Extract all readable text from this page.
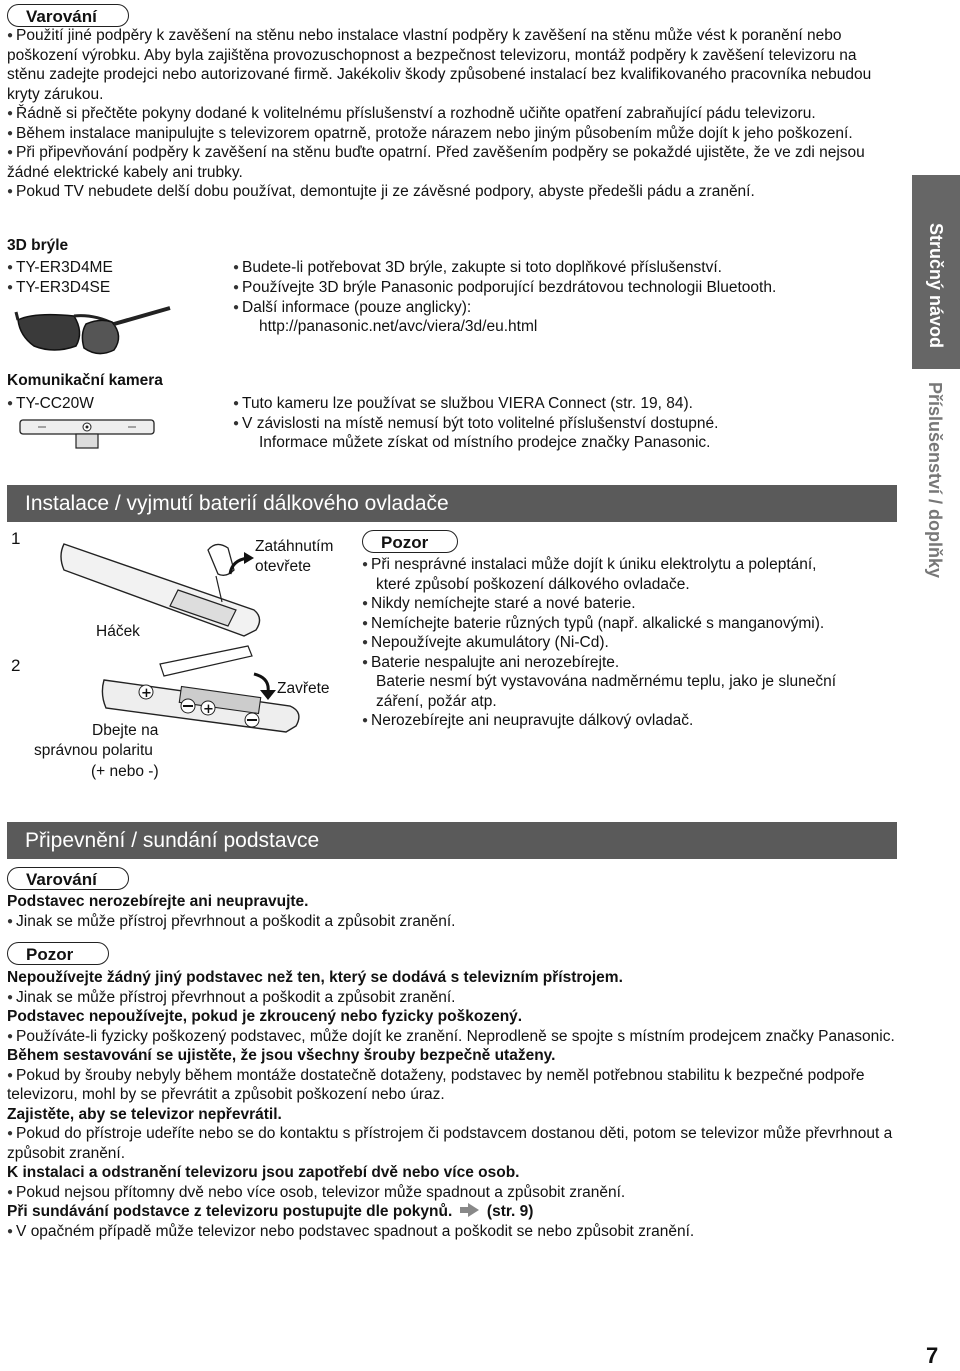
Varování

● Použití jiné podpěry k zavěšení na stěnu nebo instalace vlastní podpěry k zavěšení na stěnu může vést k poranění nebo poškození výrobku. Aby byla zajištěna provozuschopnost a bezpečnost televizoru, montáž podpěry k zavěšení televizoru na stěnu zadejte prodejci nebo autorizované firmě. Jakékoliv škody způsobené instalací bez kvalifikovaného pracovníka nebudou kryty zárukou.

● Řádně si přečtěte pokyny dodané k volitelnému příslušenství a rozhodně učiňte opatření zabraňující pádu televizoru.

● Během instalace manipulujte s televizorem opatrně, protože nárazem nebo jiným působením může dojít k jeho poškození.

● Při připevňování podpěry k zavěšení na stěnu buďte opatrní. Před zavěšením podpěry se pokaždé ujistěte, že ve zdi nejsou žádné elektrické kabely ani trubky.

● Pokud TV nebudete delší dobu používat, demontujte ji ze závěsné podpory, abyste předešli pádu a zranění.

3D brýle
● TY-ER3D4ME
● TY-ER3D4SE
● Budete-li potřebovat 3D brýle, zakupte si toto doplňkové příslušenství.
● Používejte 3D brýle Panasonic podporující bezdrátovou technologii Bluetooth.
● Další informace (pouze anglicky):
http://panasonic.net/avc/viera/3d/eu.html
Komunikační kamera
● TY-CC20W
●	Tuto kameru lze používat se službou VIERA Connect (str. 19, 84).
● V závislosti na místě nemusí být toto volitelné příslušenství dostupné.
Informace můžete získat od místního prodejce značky Panasonic.
Instalace / vyjmutí baterií dálkového ovladače
1
2
Zatáhnutím
otevřete
Háček
+
+
Zavřete
Dbejte na
správnou polaritu
(+ nebo -)
Pozor
● Při nesprávné instalaci může dojít k úniku elektrolytu a poleptání,
které způsobí poškození dálkového ovladače.
● Nikdy nemíchejte staré a nové baterie.
● Nemíchejte baterie různých typů (např. alkalické s manganovými).
● Nepoužívejte akumulátory (Ni-Cd).
● Baterie nespalujte ani nerozebírejte.
Baterie nesmí být vystavována nadměrnému teplu, jako je sluneční
záření, požár atp.
● Nerozebírejte ani neupravujte dálkový ovladač.
Připevnění / sundání podstavce
Varování

Podstavec nerozebírejte ani neupravujte.

● Jinak se může přístroj převrhnout a poškodit a způsobit zranění.

Pozor

Nepoužívejte žádný jiný podstavec než ten, který se dodává s televizním přístrojem.

● Jinak se může přístroj převrhnout a poškodit a způsobit zranění.

Podstavec nepoužívejte, pokud je zkroucený nebo fyzicky poškozený.

● Používáte-li fyzicky poškozený podstavec, může dojít ke zranění. Neprodleně se spojte s místním prodejcem značky Panasonic.

Během sestavování se ujistěte, že jsou všechny šrouby bezpečně utaženy.

● Pokud by šrouby nebyly během montáže dostatečně dotaženy, podstavec by neměl potřebnou stabilitu k bezpečné podpoře televizoru, mohl by se převrátit a způsobit poškození nebo úraz.

Zajistěte, aby se televizor nepřevrátil.

● Pokud do přístroje udeříte nebo se do kontaktu s přístrojem či podstavcem dostanou děti, potom se televizor může převrhnout a způsobit zranění.

K instalaci a odstranění televizoru jsou zapotřebí dvě nebo více osob.

● Pokud nejsou přítomny dvě nebo více osob, televizor může spadnout a způsobit zranění.

Při sundávání podstavce z televizoru postupujte dle pokynů. (str. 9)

● V opačném případě může televizor nebo podstavec spadnout a poškodit se nebo způsobit zranění.

Stručný návod
Příslušenství / doplňky
7
